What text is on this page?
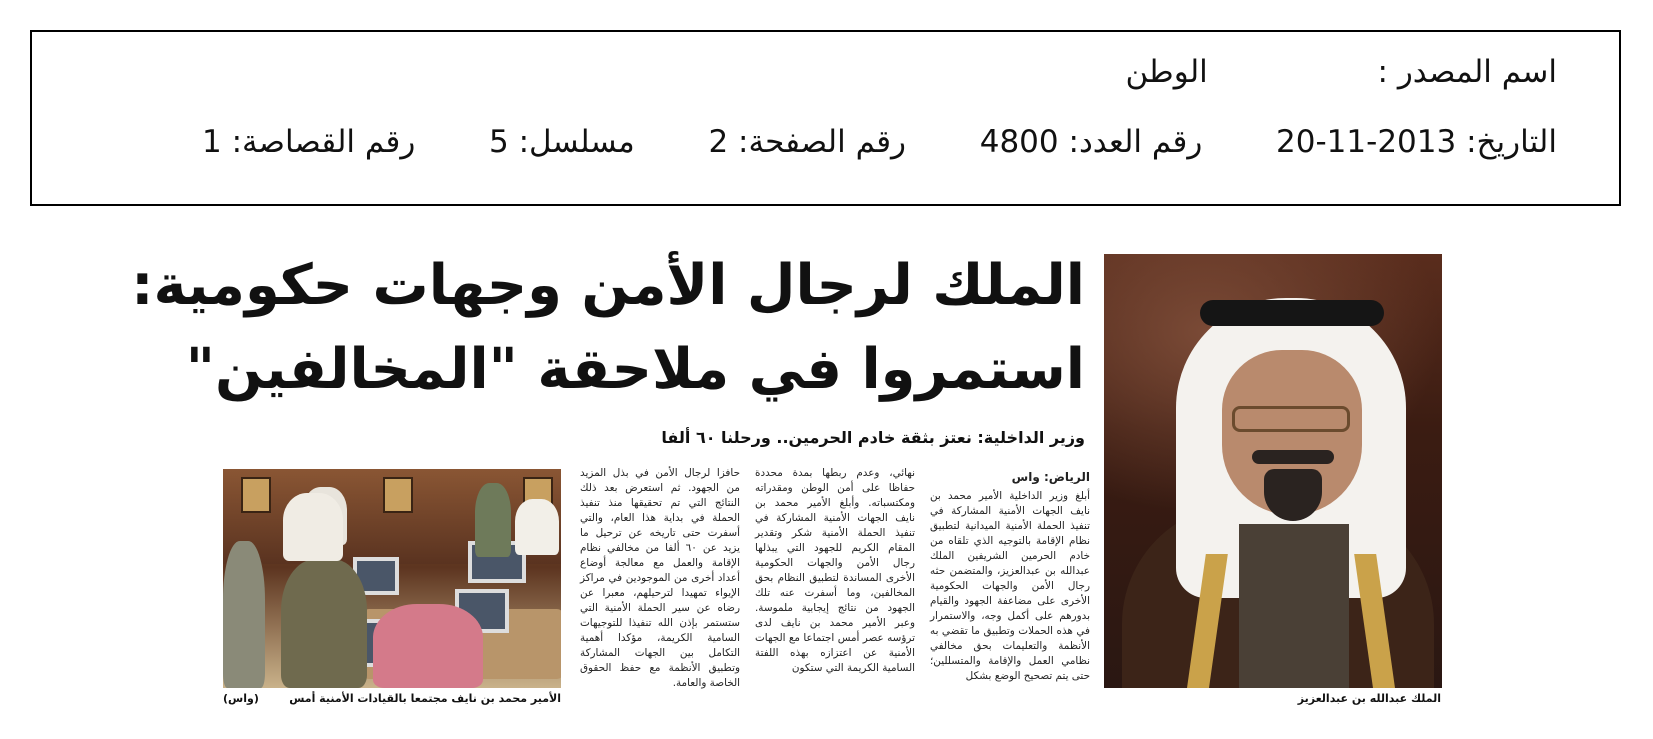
اسم المصدر :  الوطن
التاريخ: 2013-11-20  رقم العدد: 4800  رقم الصفحة: 2  مسلسل: 5  رقم القصاصة: 1
الملك عبدالله بن عبدالعزيز
الملك لرجال الأمن وجهات حكومية:
استمروا في ملاحقة "المخالفين"
وزير الداخلية: نعتز بثقة خادم الحرمين.. ورحلنا ٦٠ ألفا
الرياض: واس
أبلغ وزير الداخلية الأمير محمد بن نايف الجهات الأمنية المشاركة في تنفيذ الحملة الأمنية الميدانية لتطبيق نظام الإقامة بالتوجيه الذي تلقاه من خادم الحرمين الشريفين الملك عبدالله بن عبدالعزيز، والمتضمن حثه رجال الأمن والجهات الحكومية الأخرى على مضاعفة الجهود والقيام بدورهم على أكمل وجه، والاستمرار في هذه الحملات وتطبيق ما تقضي به الأنظمة والتعليمات بحق مخالفي نظامي العمل والإقامة والمتسللين؛ حتى يتم تصحيح الوضع بشكل
نهائي، وعدم ربطها بمدة محددة حفاظا على أمن الوطن ومقدراته ومكتسباته. وأبلغ الأمير محمد بن نايف الجهات الأمنية المشاركة في تنفيذ الحملة الأمنية شكر وتقدير المقام الكريم للجهود التي يبذلها رجال الأمن والجهات الحكومية الأخرى المساندة لتطبيق النظام بحق المخالفين، وما أسفرت عنه تلك الجهود من نتائج إيجابية ملموسة. وعبر الأمير محمد بن نايف لدى ترؤسه عصر أمس اجتماعا مع الجهات الأمنية عن اعتزازه بهذه اللفتة السامية الكريمة التي ستكون
حافزا لرجال الأمن في بذل المزيد من الجهود. ثم استعرض بعد ذلك النتائج التي تم تحقيقها منذ تنفيذ الحملة في بداية هذا العام، والتي أسفرت حتى تاريخه عن ترحيل ما يزيد عن ٦٠ ألفا من مخالفي نظام الإقامة والعمل مع معالجة أوضاع أعداد أخرى من الموجودين في مراكز الإيواء تمهيدا لترحيلهم، معبرا عن رضاه عن سير الحملة الأمنية التي ستستمر بإذن الله تنفيذا للتوجيهات السامية الكريمة، مؤكدا أهمية التكامل بين الجهات المشاركة وتطبيق الأنظمة مع حفظ الحقوق الخاصة والعامة.
الأمير محمد بن نايف مجتمعا بالقيادات الأمنية أمس
(واس)
